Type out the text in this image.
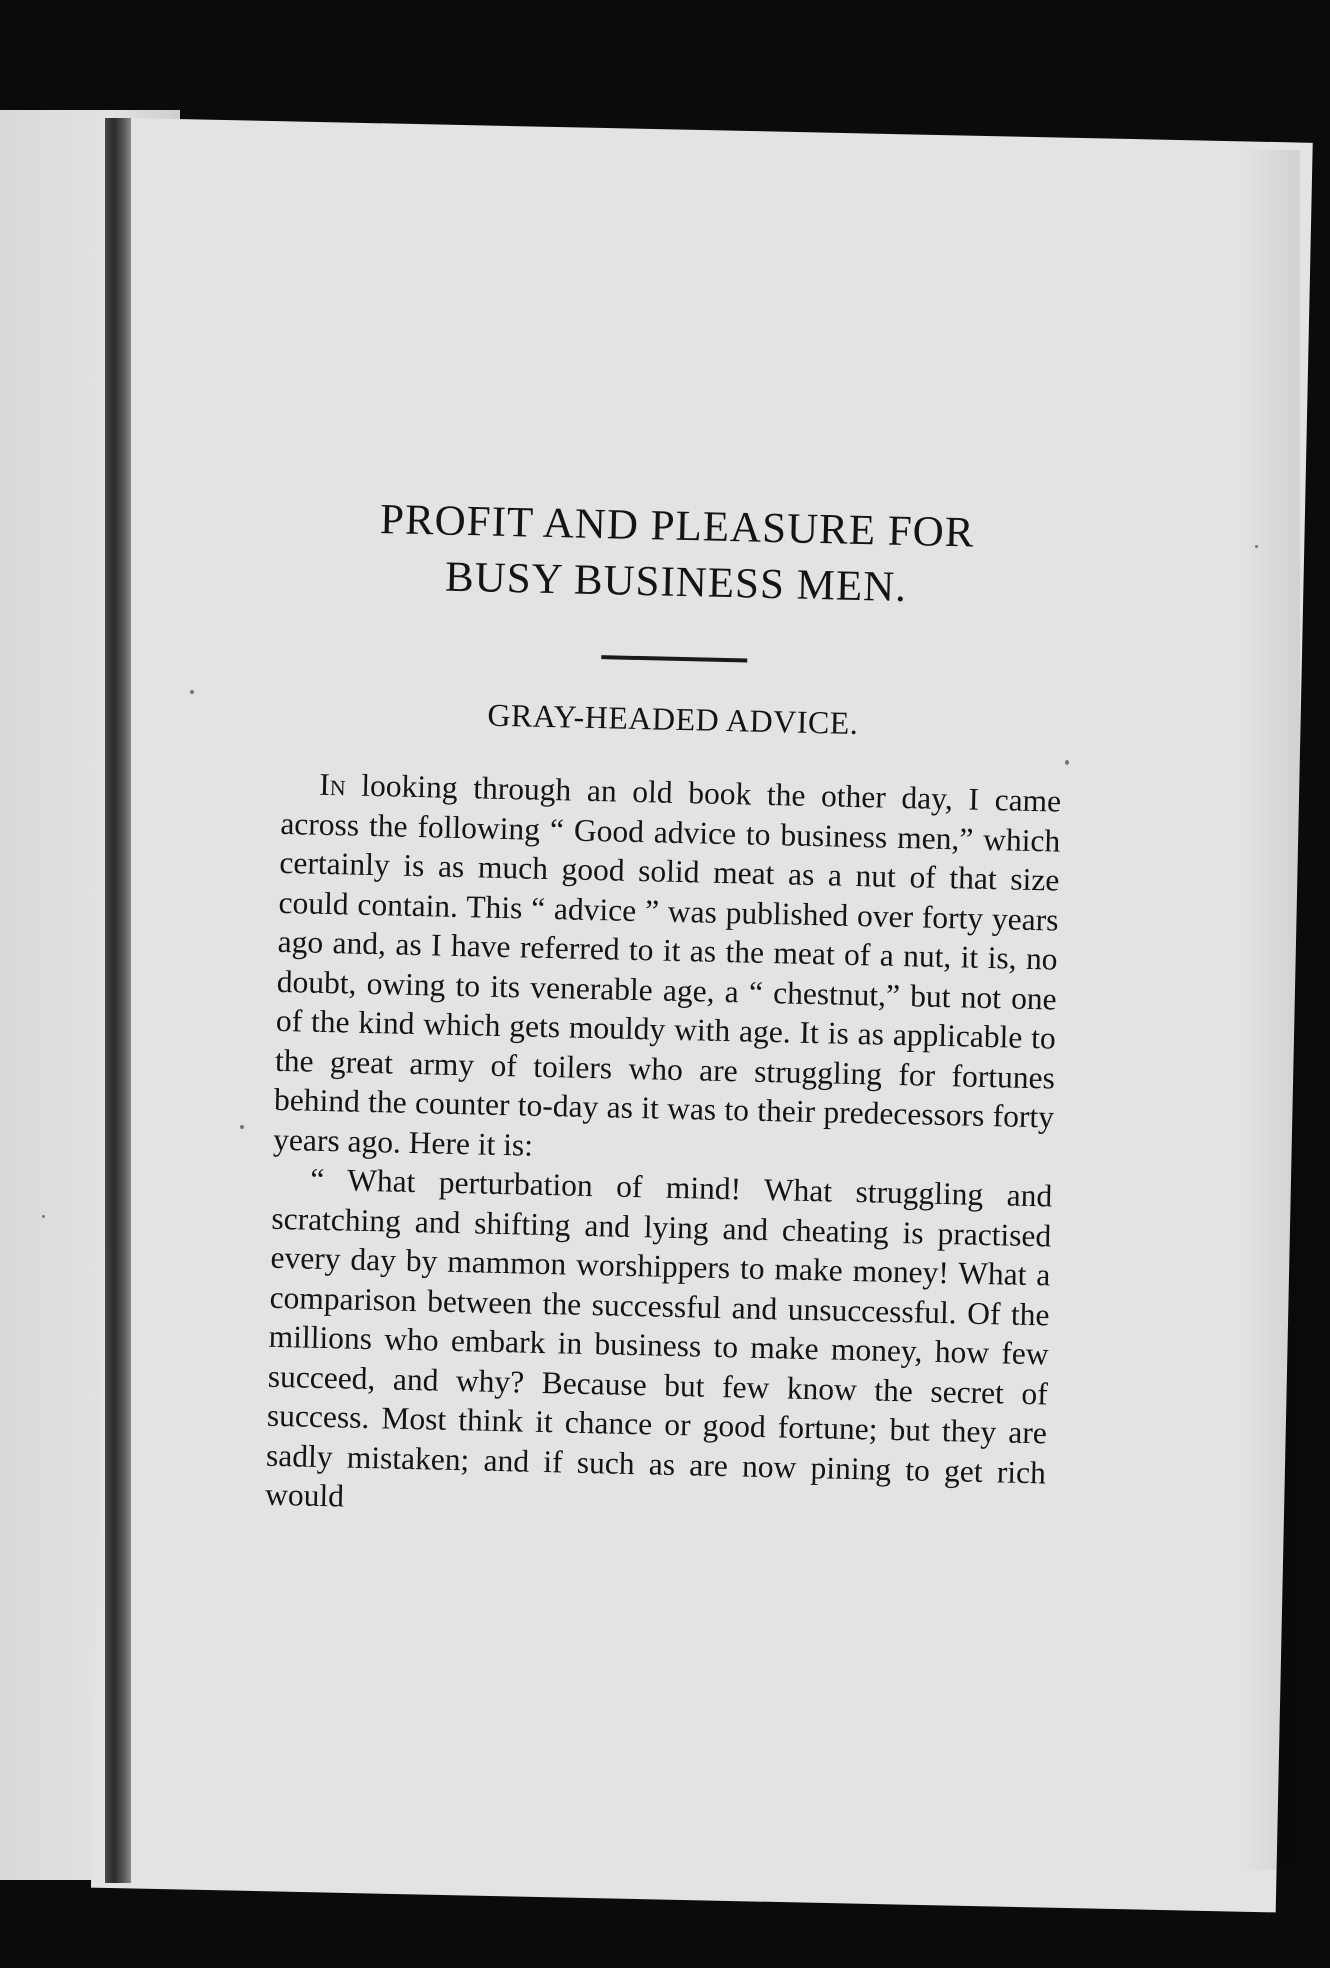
PROFIT AND PLEASURE FOR
BUSY BUSINESS MEN.
GRAY-HEADED ADVICE.

In looking through an old book the other day, I came across the following “ Good advice to business men,” which certainly is as much good solid meat as a nut of that size could contain. This “ advice ” was published over forty years ago and, as I have referred to it as the meat of a nut, it is, no doubt, owing to its venerable age, a “ chestnut,” but not one of the kind which gets mouldy with age. It is as applicable to the great army of toilers who are struggling for fortunes behind the counter to-day as it was to their predecessors forty years ago. Here it is:

“ What perturbation of mind! What struggling and scratching and shifting and lying and cheating is practised every day by mammon worshippers to make money! What a comparison between the successful and unsuccessful. Of the millions who embark in business to make money, how few succeed, and why? Because but few know the secret of success. Most think it chance or good fortune; but they are sadly mistaken; and if such as are now pining to get rich would
